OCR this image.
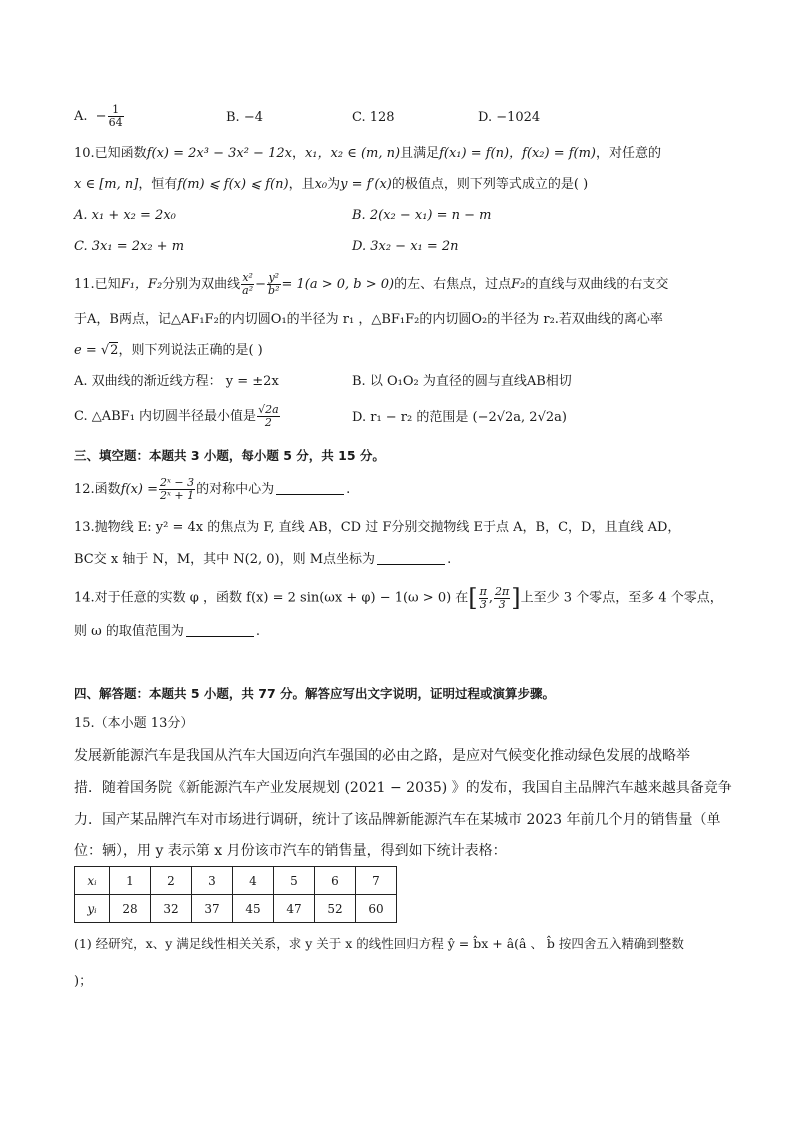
A. − $\frac{1}{64}$	B. −4	C. 128	D. −1024
10.已知函数f(x) = 2x³ − 3x² − 12x，x₁，x₂ ∈ (m, n)且满足f(x₁) = f(n)，f(x₂) = f(m)，对任意的
x ∈ [m, n]，恒有f(m) ⩽ f(x) ⩽ f(n)，且x₀为y = f′(x)的极值点，则下列等式成立的是( )
A. x₁ + x₂ = 2x₀	B. 2(x₂ − x₁) = n − m
C. 3x₁ = 2x₂ + m	D. 3x₂ − x₁ = 2n
11.已知F₁，F₂分别为双曲线 $\frac{\text{x²}}{\text{a²}} - \frac{\text{y²}}{\text{b²}} = 1(a > 0$, b > 0)的左、右焦点，过点F₂的直线与双曲线的右支交
于A，B两点，记△AF₁F₂的内切圆O₁的半径为 r₁ ，△BF₁F₂的内切圆O₂的半径为 r₂.若双曲线的离心率
e = √2，则下列说法正确的是( )
A. 双曲线的渐近线方程： y = ±2x	B. 以 O₁O₂ 为直径的圆与直线AB相切
C. △ABF₁ 内切圆半径最小值是 $\frac{√2a}{2}$	D. r₁ − r₂ 的范围是 (−2√2a, 2√2a)
三、填空题：本题共 3 小题，每小题 5 分，共 15 分。
12.函数$f(x) = \frac{\text{2ˣ − 3}}{\text{2ˣ + 1}}$ 的对称中心为	.
13.抛物线 E: y² = 4x 的焦点为 F, 直线 AB，CD 过 F分别交抛物线 E于点 A，B，C，D，且直线 AD，
BC交 x 轴于 N，M，其中 N(2, 0)，则 M点坐标为	.
14.对于任意的实数 φ ，函数 f(x) = 2 sin(ωx + φ) − 1(ω > 0) 在[ $\frac{\pi}{3}$ , $\frac{2\pi}{3}$ ]上至少 3 个零点，至多 4 个零点，
则 ω 的取值范围为	.
四、解答题：本题共 5 小题，共 77 分。解答应写出文字说明，证明过程或演算步骤。
15.（本小题 13分）
发展新能源汽车是我国从汽车大国迈向汽车强国的必由之路，是应对气候变化推动绿色发展的战略举
措．随着国务院《新能源汽车产业发展规划 (2021 − 2035) 》的发布，我国自主品牌汽车越来越具备竞争
力．国产某品牌汽车对市场进行调研，统计了该品牌新能源汽车在某城市 2023 年前几个月的销售量（单
位：辆），用 y 表示第 x 月份该市汽车的销售量，得到如下统计表格：
xᵢ	1	2	3	4	5	6	7
yᵢ	28	32	37	45	47	52	60
(1) 经研究，x、y 满足线性相关关系，求 y 关于 x 的线性回归方程 ŷ = b̂x + â(â 、 b̂ 按四舍五入精确到整数
)；
